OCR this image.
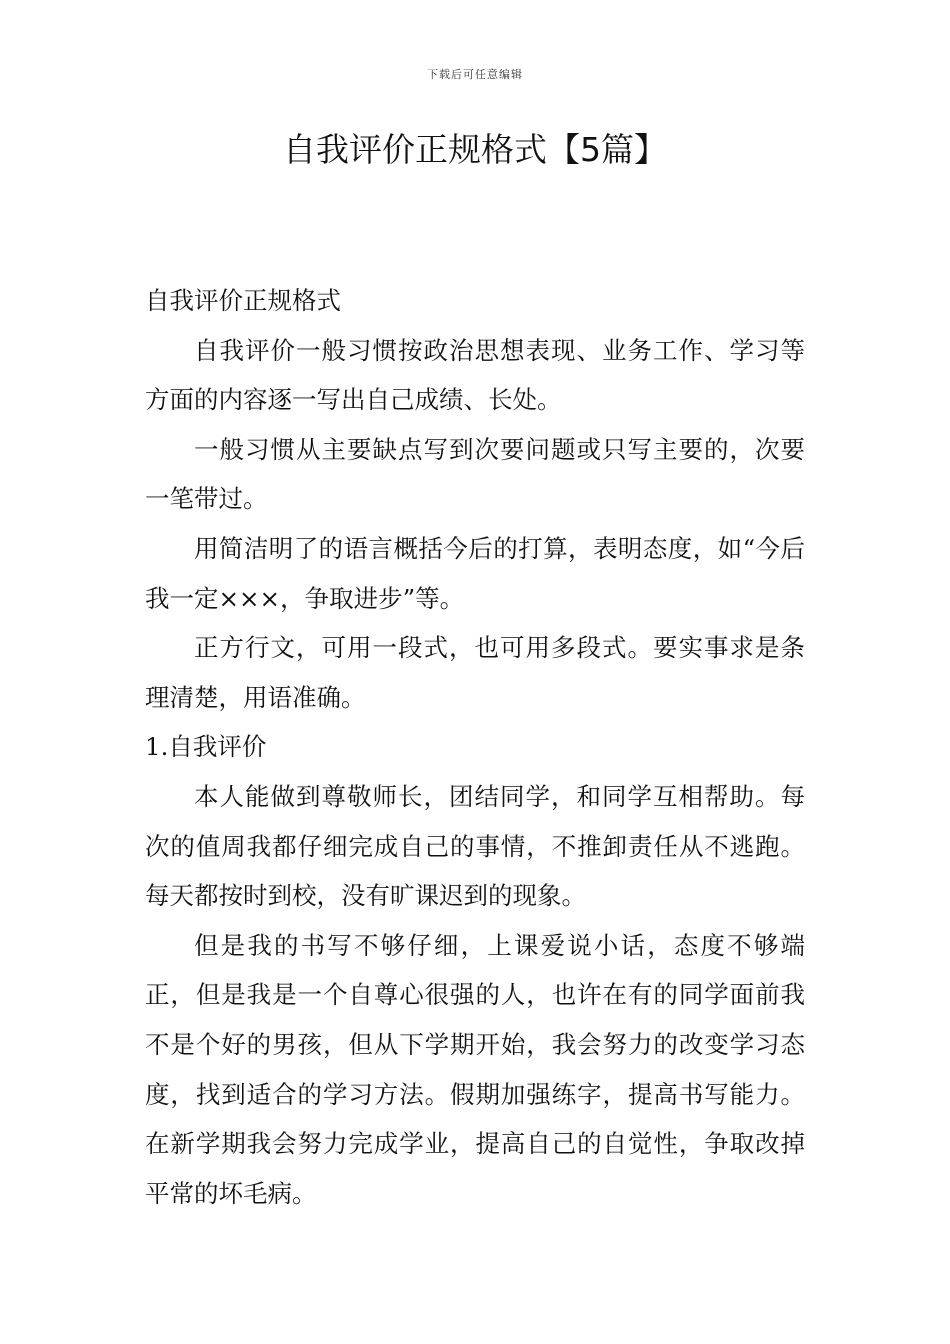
下载后可任意编辑
自我评价正规格式【5篇】

自我评价正规格式

自我评价一般习惯按政治思想表现、业务工作、学习等方面的内容逐一写出自己成绩、长处。

一般习惯从主要缺点写到次要问题或只写主要的，次要一笔带过。

用简洁明了的语言概括今后的打算，表明态度，如“今后我一定×××，争取进步”等。

正方行文，可用一段式，也可用多段式。要实事求是条理清楚，用语准确。

1.自我评价

本人能做到尊敬师长，团结同学，和同学互相帮助。每次的值周我都仔细完成自己的事情，不推卸责任从不逃跑。每天都按时到校，没有旷课迟到的现象。

但是我的书写不够仔细，上课爱说小话，态度不够端正，但是我是一个自尊心很强的人，也许在有的同学面前我不是个好的男孩，但从下学期开始，我会努力的改变学习态度，找到适合的学习方法。假期加强练字，提高书写能力。在新学期我会努力完成学业，提高自己的自觉性，争取改掉平常的坏毛病。
